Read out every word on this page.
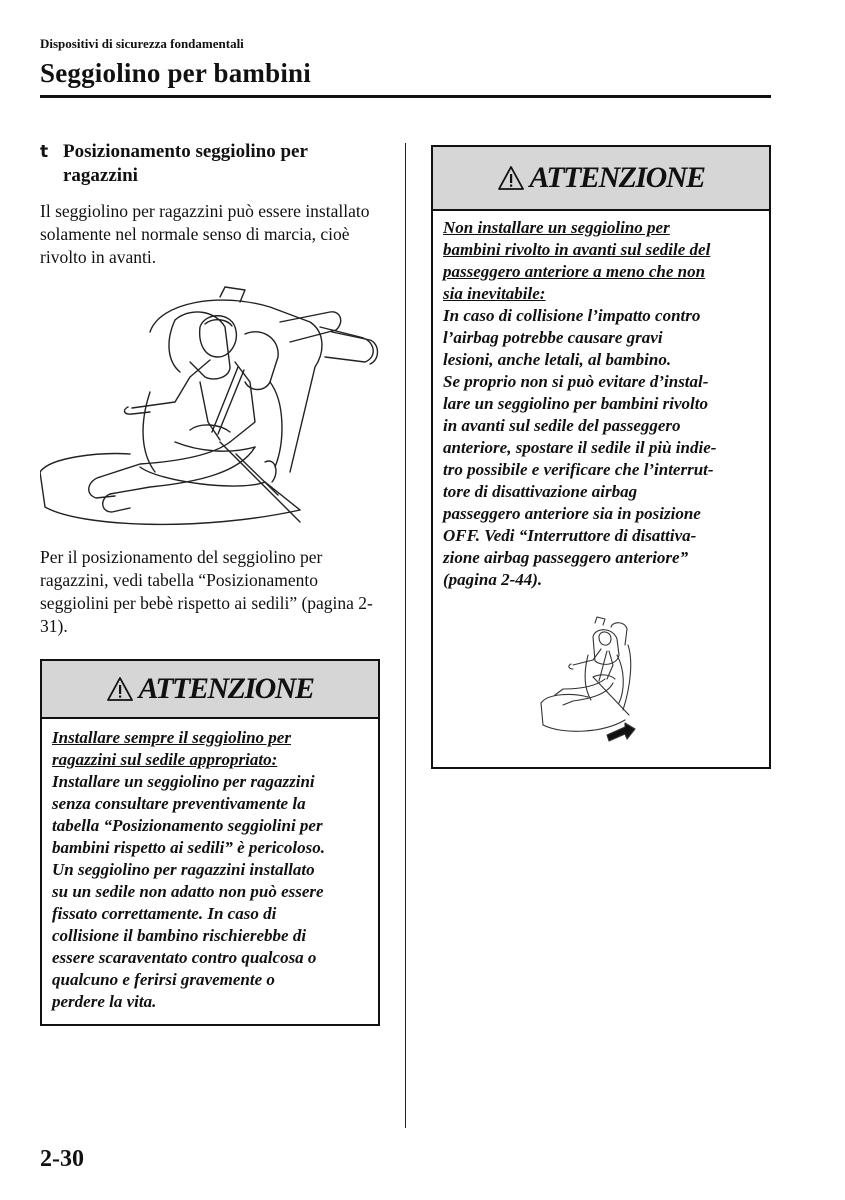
Dispositivi di sicurezza fondamentali
Seggiolino per bambini
t Posizionamento seggiolino per ragazzini
Il seggiolino per ragazzini può essere installato solamente nel normale senso di marcia, cioè rivolto in avanti.
Per il posizionamento del seggiolino per ragazzini, vedi tabella “Posizionamento seggiolini per bebè rispetto ai sedili” (pagina 2-31).
ATTENZIONE
Installare sempre il seggiolino per
ragazzini sul sedile appropriato:
Installare un seggiolino per ragazzini
senza consultare preventivamente la
tabella “Posizionamento seggiolini per
bambini rispetto ai sedili” è pericoloso.
Un seggiolino per ragazzini installato
su un sedile non adatto non può essere
fissato correttamente. In caso di
collisione il bambino rischierebbe di
essere scaraventato contro qualcosa o
qualcuno e ferirsi gravemente o
perdere la vita.
ATTENZIONE
Non installare un seggiolino per
bambini rivolto in avanti sul sedile del
passeggero anteriore a meno che non
sia inevitabile:
In caso di collisione l’impatto contro
l’airbag potrebbe causare gravi
lesioni, anche letali, al bambino.
Se proprio non si può evitare d’instal-
lare un seggiolino per bambini rivolto
in avanti sul sedile del passeggero
anteriore, spostare il sedile il più indie-
tro possibile e verificare che l’interrut-
tore di disattivazione airbag
passeggero anteriore sia in posizione
OFF. Vedi “Interruttore di disattiva-
zione airbag passeggero anteriore”
(pagina 2-44).
2-30
